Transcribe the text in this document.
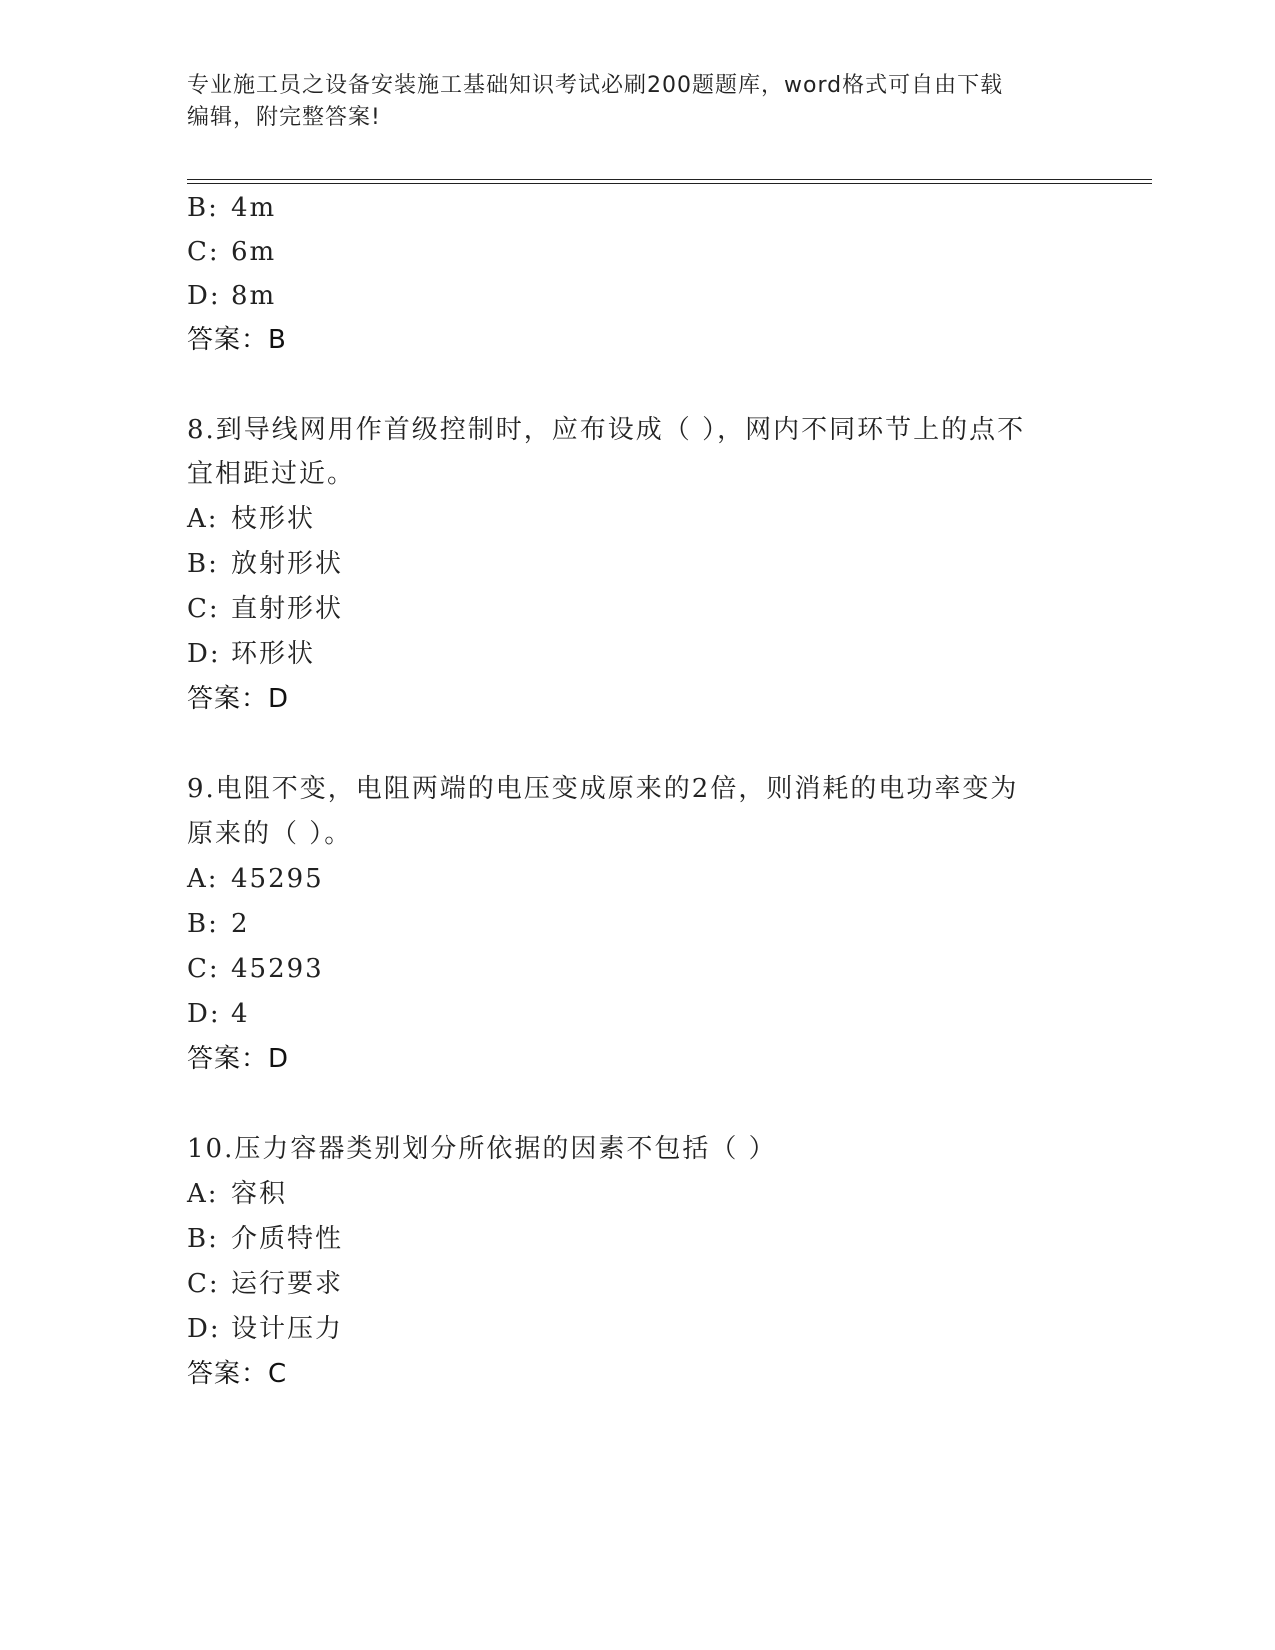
专业施工员之设备安装施工基础知识考试必刷200题题库，word格式可自由下载
编辑，附完整答案!
B: 4m
C: 6m
D: 8m
答案：B
8.到导线网用作首级控制时，应布设成（ ），网内不同环节上的点不
宜相距过近。
A: 枝形状
B: 放射形状
C: 直射形状
D: 环形状
答案：D
9.电阻不变，电阻两端的电压变成原来的2倍，则消耗的电功率变为
原来的（ ）。
A: 45295
B: 2
C: 45293
D: 4
答案：D
10.压力容器类别划分所依据的因素不包括（ ）
A: 容积
B: 介质特性
C: 运行要求
D: 设计压力
答案：C
